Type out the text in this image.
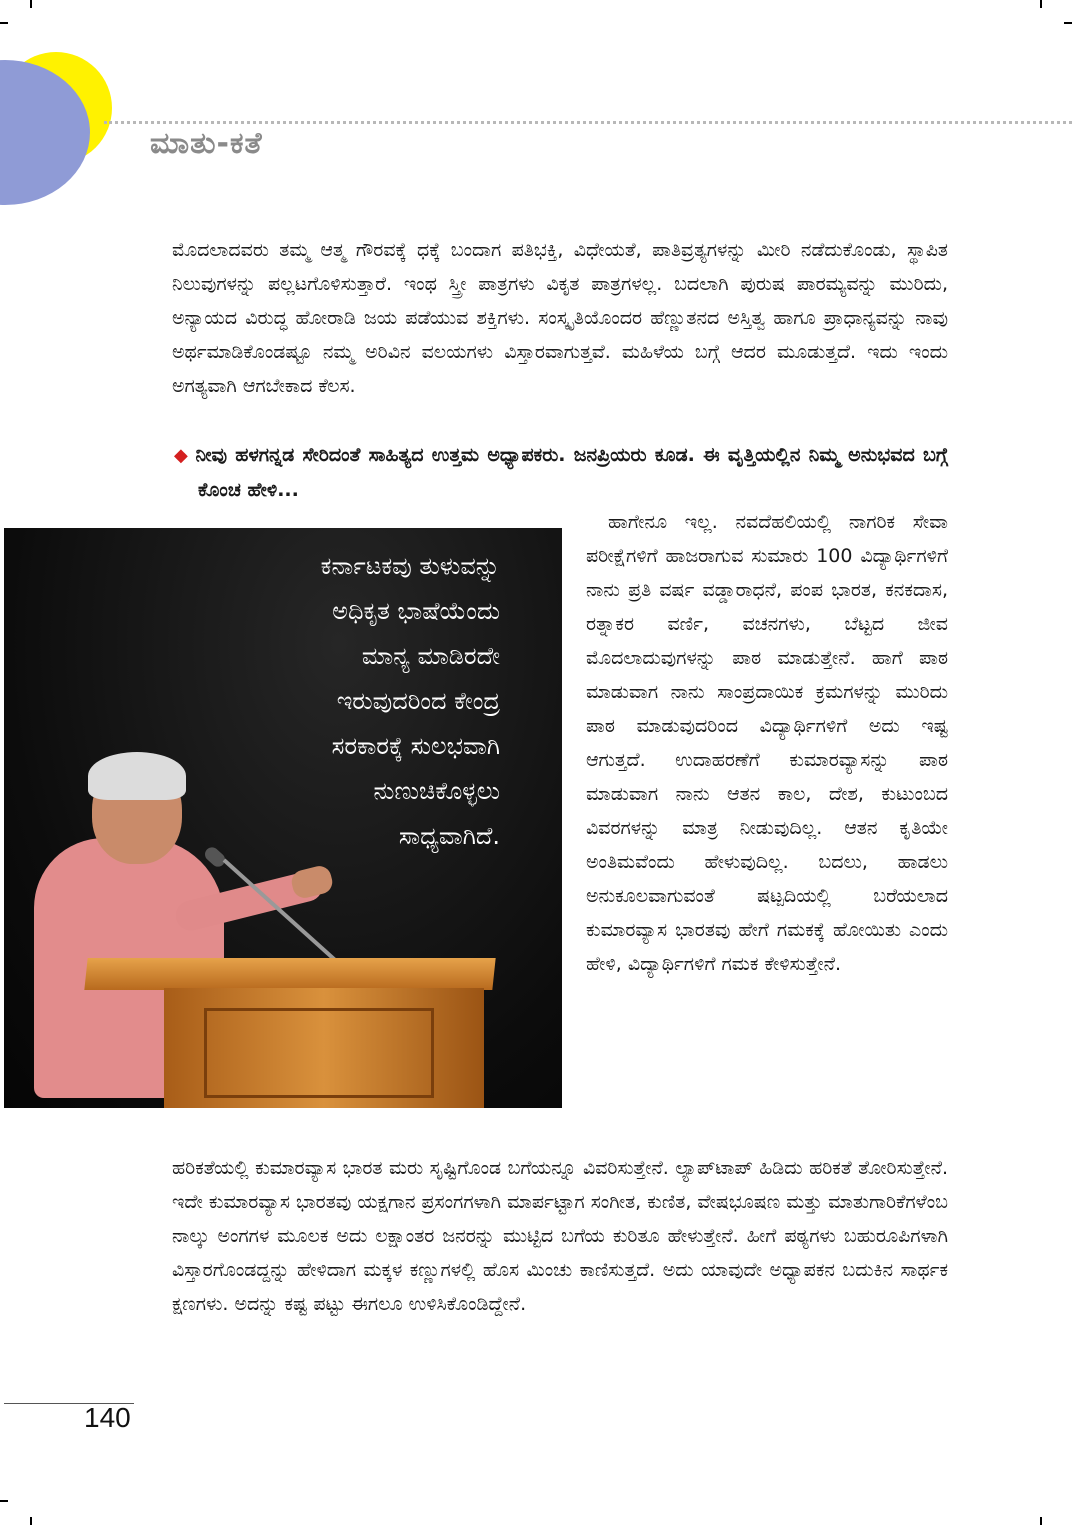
ಮಾತು-ಕತೆ

ಮೊದಲಾದವರು ತಮ್ಮ ಆತ್ಮ ಗೌರವಕ್ಕೆ ಧಕ್ಕೆ ಬಂದಾಗ ಪತಿಭಕ್ತಿ, ವಿಧೇಯತೆ, ಪಾತಿವ್ರತ್ಯಗಳನ್ನು ಮೀರಿ ನಡೆದುಕೊಂಡು, ಸ್ಥಾಪಿತ ನಿಲುವುಗಳನ್ನು ಪಲ್ಲಟಗೊಳಿಸುತ್ತಾರೆ. ಇಂಥ ಸ್ತ್ರೀ ಪಾತ್ರಗಳು ವಿಕೃತ ಪಾತ್ರಗಳಲ್ಲ. ಬದಲಾಗಿ ಪುರುಷ ಪಾರಮ್ಯವನ್ನು ಮುರಿದು, ಅನ್ಯಾಯದ ವಿರುದ್ಧ ಹೋರಾಡಿ ಜಯ ಪಡೆಯುವ ಶಕ್ತಿಗಳು. ಸಂಸ್ಕೃತಿಯೊಂದರ ಹೆಣ್ಣುತನದ ಅಸ್ತಿತ್ವ ಹಾಗೂ ಪ್ರಾಧಾನ್ಯವನ್ನು ನಾವು ಅರ್ಥಮಾಡಿಕೊಂಡಷ್ಟೂ ನಮ್ಮ ಅರಿವಿನ ವಲಯಗಳು ವಿಸ್ತಾರವಾಗುತ್ತವೆ. ಮಹಿಳೆಯ ಬಗ್ಗೆ ಆದರ ಮೂಡುತ್ತದೆ. ಇದು ಇಂದು ಅಗತ್ಯವಾಗಿ ಆಗಬೇಕಾದ ಕೆಲಸ.

◆ ನೀವು ಹಳಗನ್ನಡ ಸೇರಿದಂತೆ ಸಾಹಿತ್ಯದ ಉತ್ತಮ ಅಧ್ಯಾಪಕರು. ಜನಪ್ರಿಯರು ಕೂಡ. ಈ ವೃತ್ತಿಯಲ್ಲಿನ ನಿಮ್ಮ ಅನುಭವದ ಬಗ್ಗೆ ಕೊಂಚ ಹೇಳಿ...

ಕರ್ನಾಟಕವು ತುಳುವನ್ನು
ಅಧಿಕೃತ ಭಾಷೆಯೆಂದು
ಮಾನ್ಯ ಮಾಡಿರದೇ
ಇರುವುದರಿಂದ ಕೇಂದ್ರ
ಸರಕಾರಕ್ಕೆ ಸುಲಭವಾಗಿ
ನುಣುಚಿಕೊಳ್ಳಲು
ಸಾಧ್ಯವಾಗಿದೆ.

ಹಾಗೇನೂ ಇಲ್ಲ. ನವದೆಹಲಿಯಲ್ಲಿ ನಾಗರಿಕ ಸೇವಾ ಪರೀಕ್ಷೆಗಳಿಗೆ ಹಾಜರಾಗುವ ಸುಮಾರು 100 ವಿದ್ಯಾರ್ಥಿಗಳಿಗೆ ನಾನು ಪ್ರತಿ ವರ್ಷ ವಡ್ಡಾರಾಧನೆ, ಪಂಪ ಭಾರತ, ಕನಕದಾಸ, ರತ್ನಾಕರ ವರ್ಣಿ, ವಚನಗಳು, ಬೆಟ್ಟದ ಜೀವ ಮೊದಲಾದುವುಗಳನ್ನು ಪಾಠ ಮಾಡುತ್ತೇನೆ. ಹಾಗೆ ಪಾಠ ಮಾಡುವಾಗ ನಾನು ಸಾಂಪ್ರದಾಯಿಕ ಕ್ರಮಗಳನ್ನು ಮುರಿದು ಪಾಠ ಮಾಡುವುದರಿಂದ ವಿದ್ಯಾರ್ಥಿಗಳಿಗೆ ಅದು ಇಷ್ಟ ಆಗುತ್ತದೆ. ಉದಾಹರಣೆಗೆ ಕುಮಾರವ್ಯಾಸನ್ನು ಪಾಠ ಮಾಡುವಾಗ ನಾನು ಆತನ ಕಾಲ, ದೇಶ, ಕುಟುಂಬದ ವಿವರಗಳನ್ನು ಮಾತ್ರ ನೀಡುವುದಿಲ್ಲ. ಆತನ ಕೃತಿಯೇ ಅಂತಿಮವೆಂದು ಹೇಳುವುದಿಲ್ಲ. ಬದಲು, ಹಾಡಲು ಅನುಕೂಲವಾಗುವಂತೆ ಷಟ್ಪದಿಯಲ್ಲಿ ಬರೆಯಲಾದ ಕುಮಾರವ್ಯಾಸ ಭಾರತವು ಹೇಗೆ ಗಮಕಕ್ಕೆ ಹೋಯಿತು ಎಂದು ಹೇಳಿ, ವಿದ್ಯಾರ್ಥಿಗಳಿಗೆ ಗಮಕ ಕೇಳಿಸುತ್ತೇನೆ.

ಹರಿಕತೆಯಲ್ಲಿ ಕುಮಾರವ್ಯಾಸ ಭಾರತ ಮರು ಸೃಷ್ಟಿಗೊಂಡ ಬಗೆಯನ್ನೂ ವಿವರಿಸುತ್ತೇನೆ. ಲ್ಯಾಪ್‌ಟಾಪ್ ಹಿಡಿದು ಹರಿಕತೆ ತೋರಿಸುತ್ತೇನೆ. ಇದೇ ಕುಮಾರವ್ಯಾಸ ಭಾರತವು ಯಕ್ಷಗಾನ ಪ್ರಸಂಗಗಳಾಗಿ ಮಾರ್ಪಟ್ಟಾಗ ಸಂಗೀತ, ಕುಣಿತ, ವೇಷಭೂಷಣ ಮತ್ತು ಮಾತುಗಾರಿಕೆಗಳೆಂಬ ನಾಲ್ಕು ಅಂಗಗಳ ಮೂಲಕ ಅದು ಲಕ್ಷಾಂತರ ಜನರನ್ನು ಮುಟ್ಟಿದ ಬಗೆಯ ಕುರಿತೂ ಹೇಳುತ್ತೇನೆ. ಹೀಗೆ ಪಠ್ಯಗಳು ಬಹುರೂಪಿಗಳಾಗಿ ವಿಸ್ತಾರಗೊಂಡದ್ದನ್ನು ಹೇಳಿದಾಗ ಮಕ್ಕಳ ಕಣ್ಣುಗಳಲ್ಲಿ ಹೊಸ ಮಿಂಚು ಕಾಣಿಸುತ್ತದೆ. ಅದು ಯಾವುದೇ ಅಧ್ಯಾಪಕನ ಬದುಕಿನ ಸಾರ್ಥಕ ಕ್ಷಣಗಳು. ಅದನ್ನು ಕಷ್ಟ ಪಟ್ಟು ಈಗಲೂ ಉಳಿಸಿಕೊಂಡಿದ್ದೇನೆ.

140
